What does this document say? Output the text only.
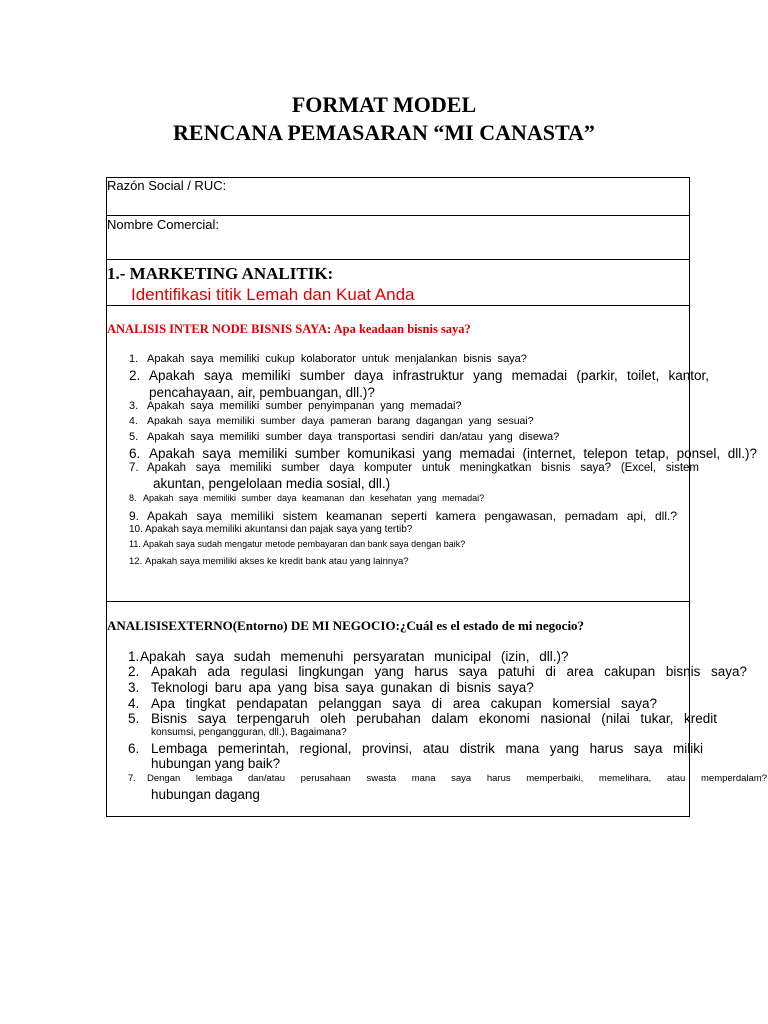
FORMAT MODEL
RENCANA PEMASARAN “MI CANASTA”
Razón Social / RUC:
Nombre Comercial:
1.- MARKETING ANALITIK:
Identifikasi titik Lemah dan Kuat Anda
ANALISIS INTER NODE BISNIS SAYA: Apa keadaan bisnis saya?
1. Apakah saya memiliki cukup kolaborator untuk menjalankan bisnis saya?
2. Apakah saya memiliki sumber daya infrastruktur yang memadai (parkir, toilet, kantor,
pencahayaan, air, pembuangan, dll.)?
3. Apakah saya memiliki sumber penyimpanan yang memadai?
4. Apakah saya memiliki sumber daya pameran barang dagangan yang sesuai?
5. Apakah saya memiliki sumber daya transportasi sendiri dan/atau yang disewa?
6. Apakah saya memiliki sumber komunikasi yang memadai (internet, telepon tetap, ponsel, dll.)?
7. Apakah saya memiliki sumber daya komputer untuk meningkatkan bisnis saya? (Excel, sistem
akuntan, pengelolaan media sosial, dll.)
8. Apakah saya memiliki sumber daya keamanan dan kesehatan yang memadai?
9. Apakah saya memiliki sistem keamanan seperti kamera pengawasan, pemadam api, dll.?
10. Apakah saya memiliki akuntansi dan pajak saya yang tertib?
11. Apakah saya sudah mengatur metode pembayaran dan bank saya dengan baik?
12. Apakah saya memiliki akses ke kredit bank atau yang lainnya?
ANALISISEXTERNO(Entorno) DE MI NEGOCIO:¿Cuál es el estado de mi negocio?
1. Apakah saya sudah memenuhi persyaratan municipal (izin, dll.)?
2. Apakah ada regulasi lingkungan yang harus saya patuhi di area cakupan bisnis saya?
3. Teknologi baru apa yang bisa saya gunakan di bisnis saya?
4. Apa tingkat pendapatan pelanggan saya di area cakupan komersial saya?
5. Bisnis saya terpengaruh oleh perubahan dalam ekonomi nasional (nilai tukar, kredit
konsumsi, pengangguran, dll.), Bagaimana?
6. Lembaga pemerintah, regional, provinsi, atau distrik mana yang harus saya miliki
hubungan yang baik?
7. Dengan lembaga dan/atau perusahaan swasta mana saya harus memperbaiki, memelihara, atau memperdalam?
hubungan dagang
